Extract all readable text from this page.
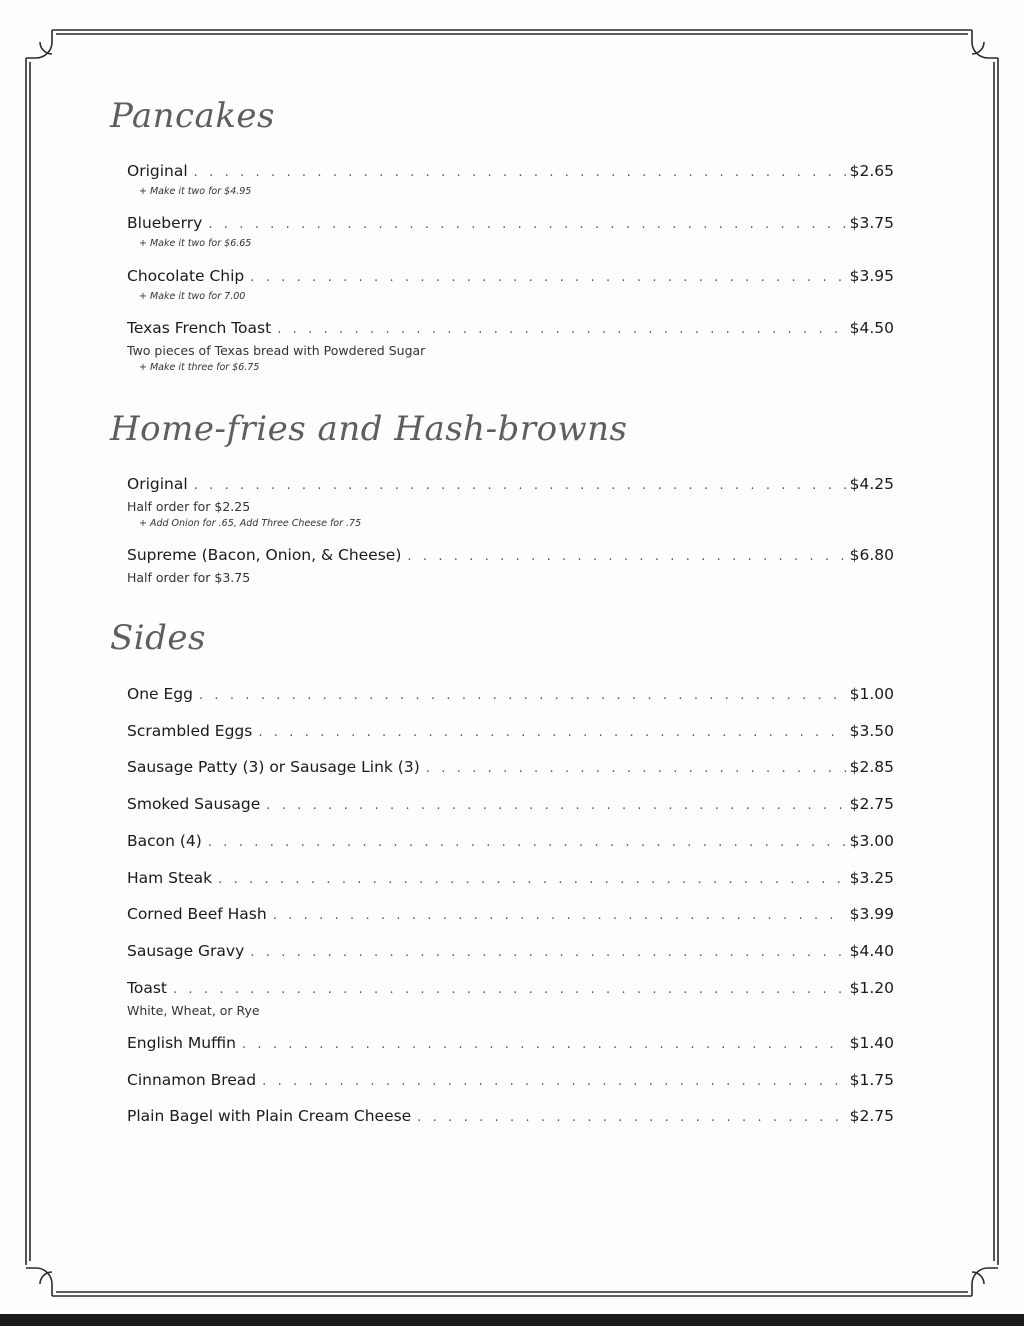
Pancakes
Original . . .	$2.65
+ Make it two for $4.95
Blueberry . . .	$3.75
+ Make it two for $6.65
Chocolate Chip . . .	$3.95
+ Make it two for 7.00
Texas French Toast . . .	$4.50
Two pieces of Texas bread with Powdered Sugar
+ Make it three for $6.75
Home-fries and Hash-browns
Original . . .	$4.25
Half order for $2.25
+ Add Onion for .65, Add Three Cheese for .75
Supreme (Bacon, Onion, & Cheese) . . .	$6.80
Half order for $3.75
Sides
One Egg . . .	$1.00
Scrambled Eggs . . .	$3.50
Sausage Patty (3) or Sausage Link (3) . . .	$2.85
Smoked Sausage . . .	$2.75
Bacon (4) . . .	$3.00
Ham Steak . . .	$3.25
Corned Beef Hash . . .	$3.99
Sausage Gravy . . .	$4.40
Toast . . .	$1.20
White, Wheat, or Rye
English Muffin . . .	$1.40
Cinnamon Bread . . .	$1.75
Plain Bagel with Plain Cream Cheese . . .	$2.75
